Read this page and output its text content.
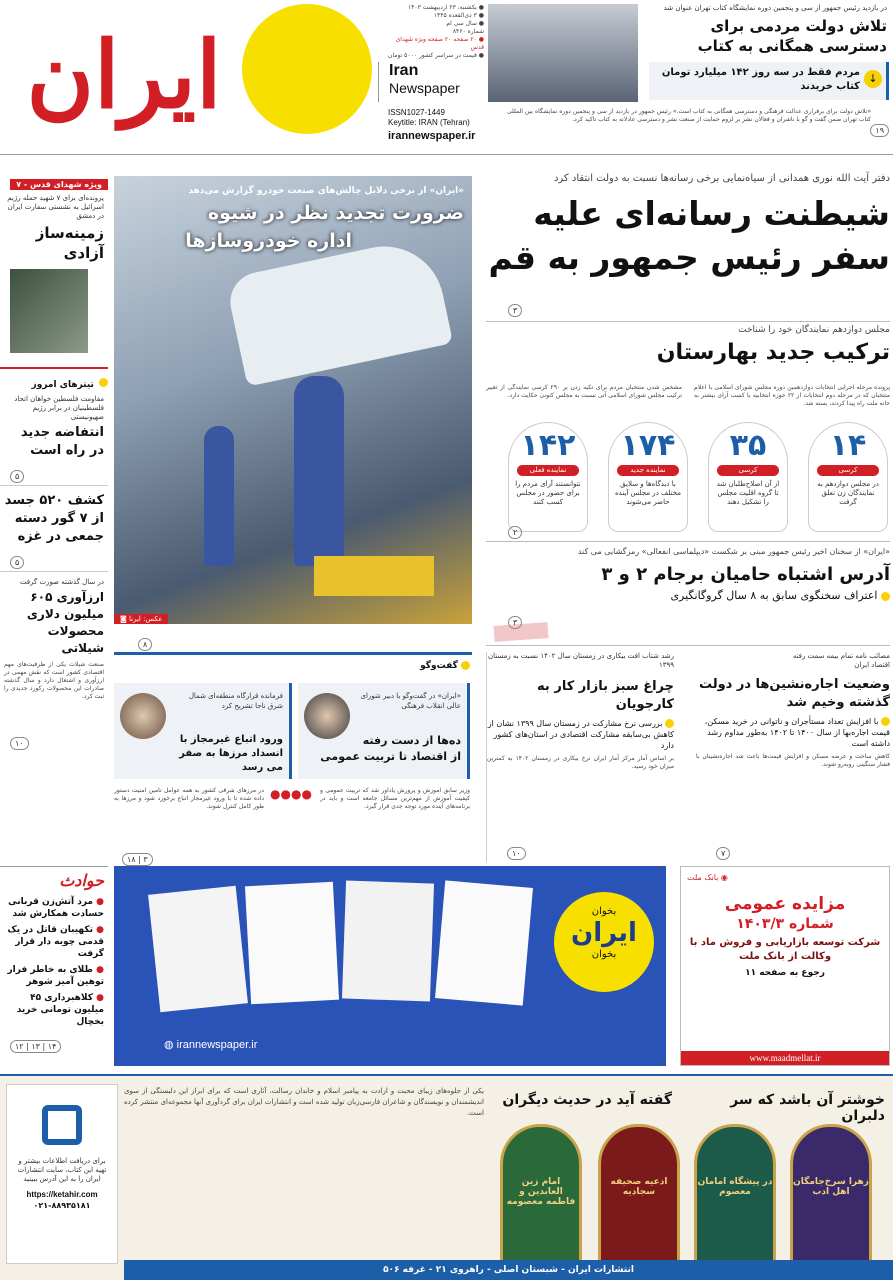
در بازدید رئیس جمهور از سی و پنجمین دوره نمایشگاه کتاب تهران عنوان شد
تلاش دولت مردمی برای دسترسی همگانی به کتاب
↓
مردم فقط در سه روز ۱۴۲ میلیارد تومان کتاب خریدند
«تلاش دولت برای برقراری عدالت فرهنگی و دسترسی همگانی به کتاب است.» رئیس جمهور در بازدید از سی و پنجمین دوره نمایشگاه بین المللی کتاب تهران ضمن گفت و گو با ناشران و فعالان نشر بر لزوم حمایت از صنعت نشر و دسترسی عادلانه به کتاب تاکید کرد.
۱۹
Iran
Newspaper
ISSN1027-1449
Keytitle: IRAN (Tehran)
irannewspaper.ir
● یکشنبه، ۲۳ اردیبهشت ۱۴۰۳
● ۳ ذی‌القعده ۱۴۴۵
● سال سی ام
شماره ۸۴۶۰
● ۲۰ صفحه ۲۰ صفحه ویژه شهدای قدس
● قیمت در سراسر کشور ۵۰۰۰ تومان
ایران
ویژه شهدای قدس - ۷
پرونده‌ای برای ۷ شهید حمله رژیم اسرائیل به نشستی سفارت ایران در دمشق
زمینه‌ساز آزادی
تیترهای امروز
مقاومت فلسطین خواهان اتحاد فلسطینیان در برابر رژیم صهیونیستی
انتفاضه جدید در راه است
۵
کشف ۵۲۰ جسد از ۷ گور دسته جمعی در غزه
۵
در سال گذشته صورت گرفت
ارزآوری ۶۰۵ میلیون دلاری محصولات شیلاتی
صنعت شیلات یکی از ظرفیت‌های مهم اقتصادی کشور است که نقش مهمی در ارزآوری و اشتغال دارد و سال گذشته صادرات این محصولات رکورد جدیدی را ثبت کرد.
۱۰
«ایران» از برخی دلایل چالش‌های صنعت خودرو گزارش می‌دهد
ضرورت تجدید نظر در شیوه
اداره خودروسازها
عکس: ایرنا ◙
۸
دفتر آیت الله نوری همدانی از سیاه‌نمایی برخی رسانه‌ها نسبت به دولت انتقاد کرد
شیطنت رسانه‌ای علیه
سفر رئیس جمهور به قم
۳
مجلس دوازدهم نمایندگان خود را شناخت
ترکیب جدید بهارستان
پرونده مرحله اجرایی انتخابات دوازدهمین دوره مجلس شورای اسلامی با اعلام منتخبان که در مرحله دوم انتخابات از ۲۲ حوزه انتخابیه با کسب آرای بیشتر به خانه ملت راه پیدا کردند، بسته شد.
مشخص شدن منتخبان مردم برای تکیه زدن بر ۲۹۰ کرسی نمایندگی از تغییر ترکیب مجلس شورای اسلامی آتی نسبت به مجلس کنونی حکایت دارد.
۱۴
کرسی
در مجلس دوازدهم به نمایندگان زن تعلق گرفت
۳۵
کرسی
از آن اصلاح‌طلبان شد تا گروه اقلیت مجلس را تشکیل دهند
۱۷۴
نماینده جدید
با دیدگاه‌ها و سلایق مختلف در مجلس آینده حاضر می‌شوند
۱۴۲
نماینده فعلی
نتوانستند آرای مردم را برای حضور در مجلس کسب کنند
۲
«ایران» از سخنان اخیر رئیس جمهور مبنی بر شکست «دیپلماسی انفعالی» رمزگشایی می کند
آدرس اشتباه حامیان برجام ۲ و ۳
اعتراف سخنگوی سابق به ۸ سال گروگانگیری
۳
گفت‌وگو
«ایران» در گفت‌وگو با دبیر شورای عالی انقلاب فرهنگی
ده‌ها از دست رفته
از اقتصاد تا تربیت عمومی
فرمانده قرارگاه منطقه‌ای شمال شرق ناجا تشریح کرد
ورود اتباع غیرمجاز با انسداد مرزها به صفر می رسد
وزیر سابق آموزش و پرورش یادآور شد که تربیت عمومی و کیفیت آموزش از مهم‌ترین مسائل جامعه است و باید در برنامه‌های آینده مورد توجه جدی قرار گیرد.
در مرزهای شرقی کشور به همه عوامل تامین امنیت دستور داده شده تا با ورود غیرمجاز اتباع برخورد شود و مرزها به طور کامل کنترل شوند.
●●
●●
۱۸ | ۳
مصائب نامه تمام بیمه سمت رفته
اقتصاد ایران
وضعیت اجاره‌نشین‌ها در دولت گذشته وخیم شد
با افزایش تعداد مستأجران و ناتوانی در خرید مسکن، قیمت اجاره‌بها از سال ۱۴۰۰ تا ۱۴۰۲ به‌طور مداوم رشد داشته است
کاهش ساخت و عرضه مسکن و افزایش قیمت‌ها باعث شد اجاره‌نشینان با فشار سنگینی روبه‌رو شوند.
۷
رشد شتاب افت بیکاری در زمستان سال ۱۴۰۲ نسبت به زمستان ۱۳۹۹
چراغ سبز بازار کار به کارجویان
بررسی نرخ مشارکت در زمستان سال ۱۳۹۹ نشان از کاهش بی‌سابقه مشارکت اقتصادی در استان‌های کشور دارد
بر اساس آمار مرکز آمار ایران نرخ بیکاری در زمستان ۱۴۰۲ به کمترین میزان خود رسید.
۱۰
حوادث
● مرد آتش‌زن قربانی حسادت همکارش شد
● تکهیبان قاتل در یک قدمی چوبه دار قرار گرفت
● طلای به خاطر فرار توهین آمیز شوهر
● کلاهبرداری ۴۵ میلیون تومانی خرید بخچال
۱۲ | ۱۳ | ۱۴
بخوان
ایران
بخوان
◍ irannewspaper.ir
◉ بانک ملت
مزایده عمومی
شماره ۱۴۰۳/۳
شرکت توسعه بازاریابی و فروش ماد با وکالت از بانک ملت
رجوع به صفحه ۱۱
www.maadmellat.ir
برای دریافت اطلاعات بیشتر و تهیه این کتاب، سایت انتشارات ایران را به این آدرس ببینید
https://ketahir.com
۰۲۱-۸۸۹۳۵۱۸۱
یکی از جلوه‌های زیبای محبت و ارادت به پیامبر اسلام و خاندان رسالت، آثاری است که برای ابراز این دلبستگی از سوی اندیشمندان و نویسندگان و شاعران فارسی‌زبان تولید شده است و انتشارات ایران برای گردآوری آنها مجموعه‌ای منتشر کرده است.
خوشتر آن باشد که سر دلبران
گفته آید در حدیث دیگران
زهرا سرخ‌جامگان اهل ادب
در پیشگاه امامان معصوم
ادعیه صحیفه سجادیه
امام زین العابدین و فاطمه معصومه
انتشارات ایران - شبستان اصلی - راهروی ۲۱ - غرفه ۵۰۶
